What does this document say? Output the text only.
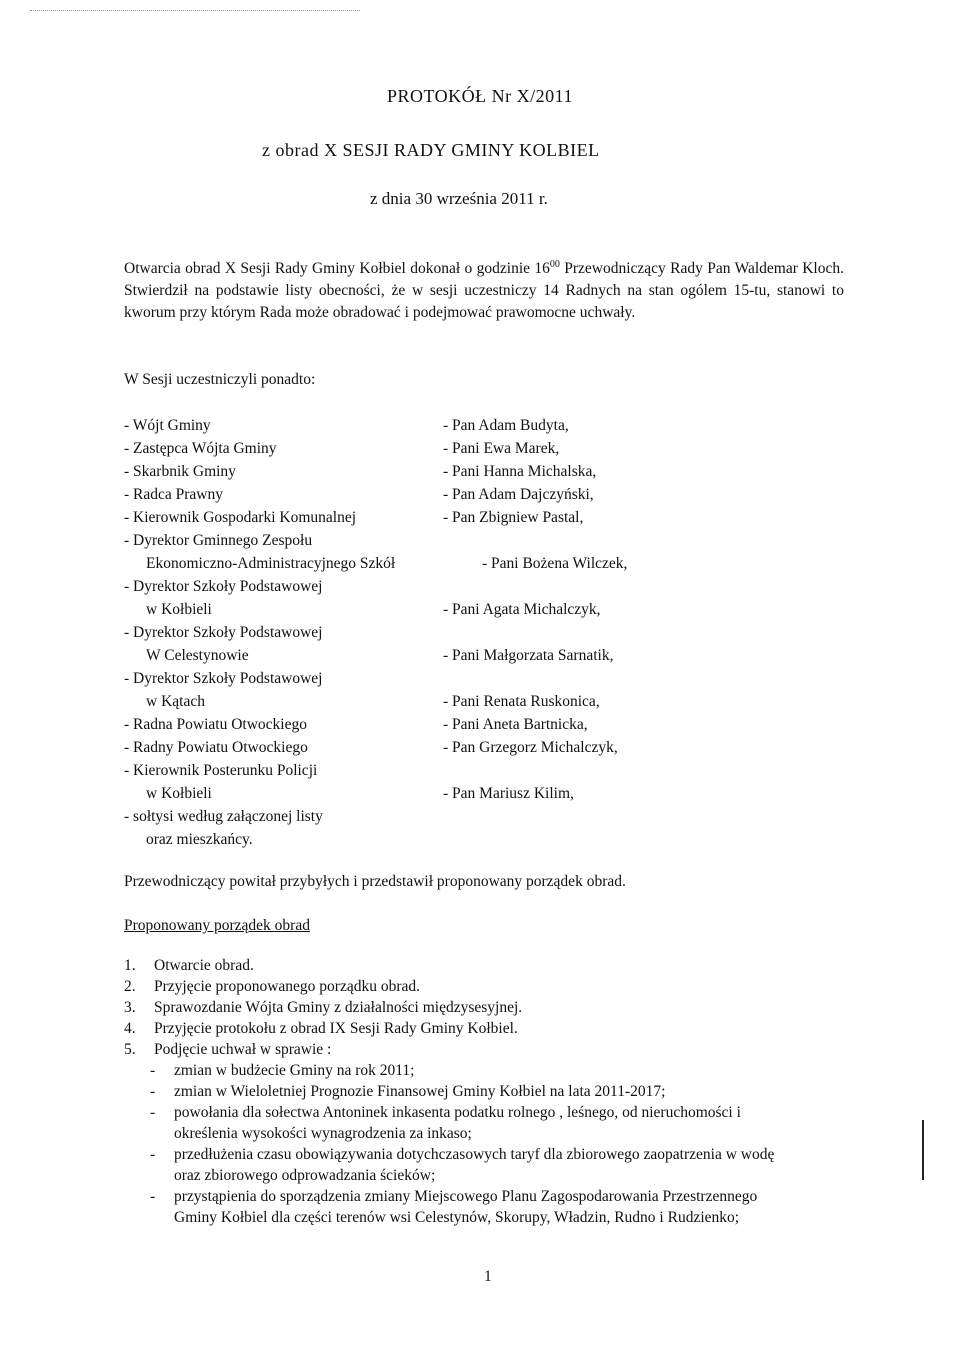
PROTOKÓŁ Nr X/2011
z obrad X SESJI RADY GMINY KOLBIEL
z dnia 30 września 2011 r.
Otwarcia obrad X Sesji Rady Gminy Kołbiel dokonał o godzinie $16^{00}$ Przewodniczący Rady Pan Waldemar Kloch. Stwierdził na podstawie listy obecności, że w sesji uczestniczy 14 Radnych na stan ogólem 15-tu, stanowi to kworum przy którym Rada może obradować i podejmować prawomocne uchwały.
W Sesji uczestniczyli ponadto:
- Wójt Gminy
- Zastępca Wójta Gminy
- Skarbnik Gminy
- Radca Prawny
- Kierownik Gospodarki Komunalnej
- Dyrektor Gminnego Zespołu
Ekonomiczno-Administracyjnego Szkół
- Dyrektor Szkoły Podstawowej
w Kołbieli
- Dyrektor Szkoły Podstawowej
W Celestynowie
- Dyrektor Szkoły Podstawowej
w Kątach
- Radna Powiatu Otwockiego
- Radny Powiatu Otwockiego
- Kierownik Posterunku Policji
w Kołbieli
- sołtysi według załączonej listy
oraz mieszkańcy.
- Pan Adam Budyta,
- Pani Ewa Marek,
- Pani Hanna Michalska,
- Pan Adam Dajczyński,
- Pan Zbigniew Pastal,
- Pani Bożena Wilczek,
- Pani Agata Michalczyk,
- Pani Małgorzata Sarnatik,
- Pani Renata Ruskonica,
- Pani Aneta Bartnicka,
- Pan Grzegorz Michalczyk,
- Pan Mariusz Kilim,
Przewodniczący powitał przybyłych i przedstawił proponowany porządek obrad.
Proponowany porządek obrad
1. Otwarcie obrad.
2. Przyjęcie proponowanego porządku obrad.
3. Sprawozdanie Wójta Gminy z działalności międzysesyjnej.
4. Przyjęcie protokołu z obrad IX Sesji Rady Gminy Kołbiel.
5. Podjęcie uchwał w sprawie :
- zmian w budżecie Gminy na rok 2011;
- zmian w Wieloletniej Prognozie Finansowej Gminy Kołbiel na lata 2011-2017;
- powołania dla sołectwa Antoninek inkasenta podatku rolnego , leśnego, od nieruchomości i określenia wysokości wynagrodzenia za inkaso;
- przedłużenia czasu obowiązywania dotychczasowych taryf dla zbiorowego zaopatrzenia w wodę oraz zbiorowego odprowadzania ścieków;
- przystąpienia do sporządzenia zmiany Miejscowego Planu Zagospodarowania Przestrzennego Gminy Kołbiel dla części terenów wsi Celestynów, Skorupy, Władzin, Rudno i Rudzienko;
1
